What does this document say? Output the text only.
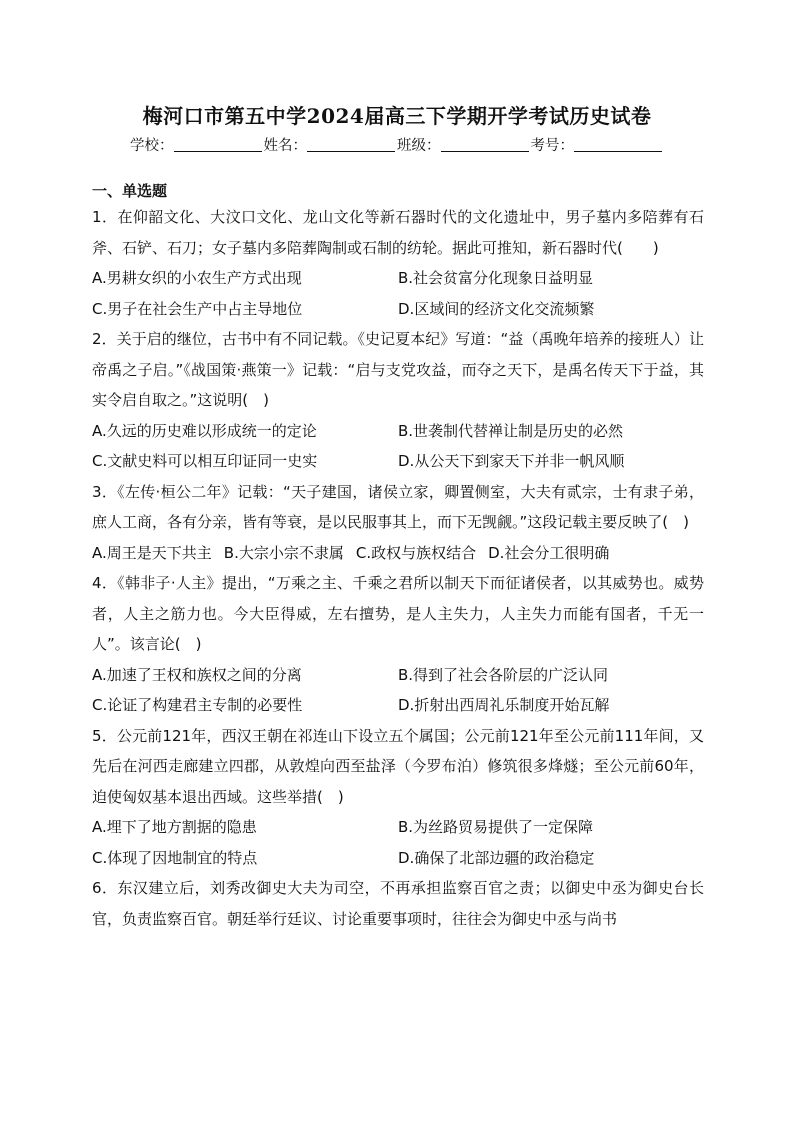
梅河口市第五中学2024届高三下学期开学考试历史试卷
学校：	姓名：	班级：	考号：
一、单选题
1．在仰韶文化、大汶口文化、龙山文化等新石器时代的文化遗址中，男子墓内多陪葬有石斧、石铲、石刀；女子墓内多陪葬陶制或石制的纺轮。据此可推知，新石器时代(　　)
A.男耕女织的小农生产方式出现	B.社会贫富分化现象日益明显
C.男子在社会生产中占主导地位	D.区域间的经济文化交流频繁
2．关于启的继位，古书中有不同记载。《史记夏本纪》写道：“益（禹晚年培养的接班人）让帝禹之子启。”《战国策·燕策一》记载：“启与支党攻益，而夺之天下，是禹名传天下于益，其实令启自取之。”这说明(　)
A.久远的历史难以形成统一的定论	B.世袭制代替禅让制是历史的必然
C.文献史料可以相互印证同一史实	D.从公天下到家天下并非一帆风顺
3．《左传·桓公二年》记载：“天子建国，诸侯立家，卿置侧室，大夫有贰宗，士有隶子弟，庶人工商，各有分亲，皆有等衰，是以民服事其上，而下无觊觎。”这段记载主要反映了(　)
A.周王是天下共主 B.大宗小宗不隶属 C.政权与族权结合 D.社会分工很明确
4．《韩非子·人主》提出，“万乘之主、千乘之君所以制天下而征诸侯者，以其威势也。威势者，人主之筋力也。今大臣得威，左右擅势，是人主失力，人主失力而能有国者，千无一人”。该言论(　)
A.加速了王权和族权之间的分离	B.得到了社会各阶层的广泛认同
C.论证了构建君主专制的必要性	D.折射出西周礼乐制度开始瓦解
5．公元前121年，西汉王朝在祁连山下设立五个属国；公元前121年至公元前111年间，又先后在河西走廊建立四郡，从敦煌向西至盐泽（今罗布泊）修筑很多烽燧；至公元前60年，迫使匈奴基本退出西域。这些举措(　)
A.埋下了地方割据的隐患	B.为丝路贸易提供了一定保障
C.体现了因地制宜的特点	D.确保了北部边疆的政治稳定
6．东汉建立后，刘秀改御史大夫为司空，不再承担监察百官之责；以御史中丞为御史台长官，负责监察百官。朝廷举行廷议、讨论重要事项时，往往会为御史中丞与尚书
